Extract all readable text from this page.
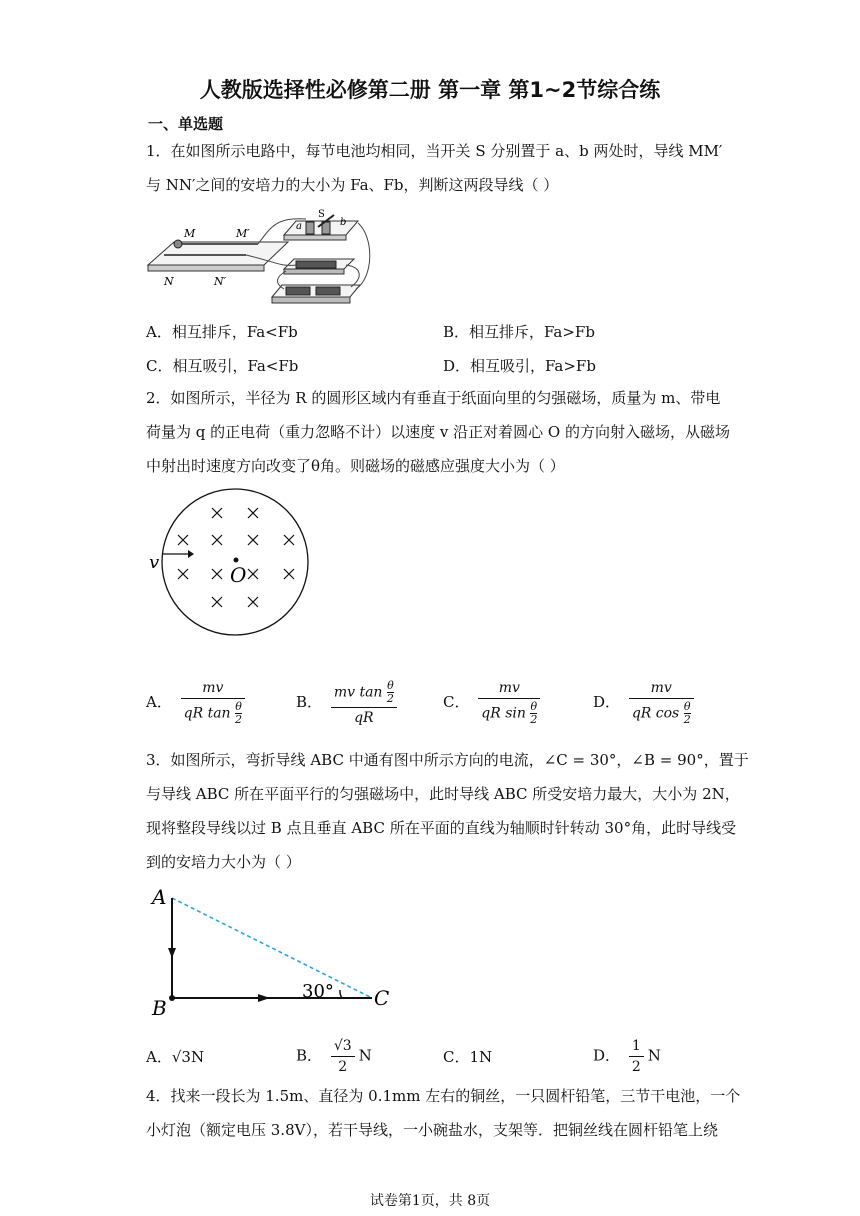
人教版选择性必修第二册 第一章 第1~2节综合练
一、单选题
1．在如图所示电路中，每节电池均相同，当开关 S 分别置于 a、b 两处时，导线 MM′
与 NN′之间的安培力的大小为 Fa、Fb，判断这两段导线（ ）
M	M′
N	N′
a
S
b
A．相互排斥，Fa<Fb	B．相互排斥，Fa>Fb
C．相互吸引，Fa<Fb	D．相互吸引，Fa>Fb
2．如图所示，半径为 R 的圆形区域内有垂直于纸面向里的匀强磁场，质量为 m、带电
荷量为 q 的正电荷（重力忽略不计）以速度 v 沿正对着圆心 O 的方向射入磁场，从磁场
中射出时速度方向改变了θ角。则磁场的磁感应强度大小为（ ）
O
v
A． $\frac{mv}{qR \tan \frac{\theta}{2}}$	B． $\frac{mv \tan \frac{\theta}{2}}{qR}$	C． $\frac{mv}{qR \sin \frac{\theta}{2}}$	D． $\frac{mv}{qR \cos \frac{\theta}{2}}$
3．如图所示，弯折导线 ABC 中通有图中所示方向的电流，∠C = 30°，∠B = 90°，置于
与导线 ABC 所在平面平行的匀强磁场中，此时导线 ABC 所受安培力最大，大小为 2N，
现将整段导线以过 B 点且垂直 ABC 所在平面的直线为轴顺时针转动 30°角，此时导线受
到的安培力大小为（ ）
A
B	C
30°
A．√3N	B． $\frac{√3}{2}$ N	C．1N	D． $\frac{1}{2}$ N
4．找来一段长为 1.5m、直径为 0.1mm 左右的铜丝，一只圆杆铅笔，三节干电池，一个
小灯泡（额定电压 3.8V），若干导线，一小碗盐水，支架等．把铜丝线在圆杆铅笔上绕
试卷第1页，共 8页
